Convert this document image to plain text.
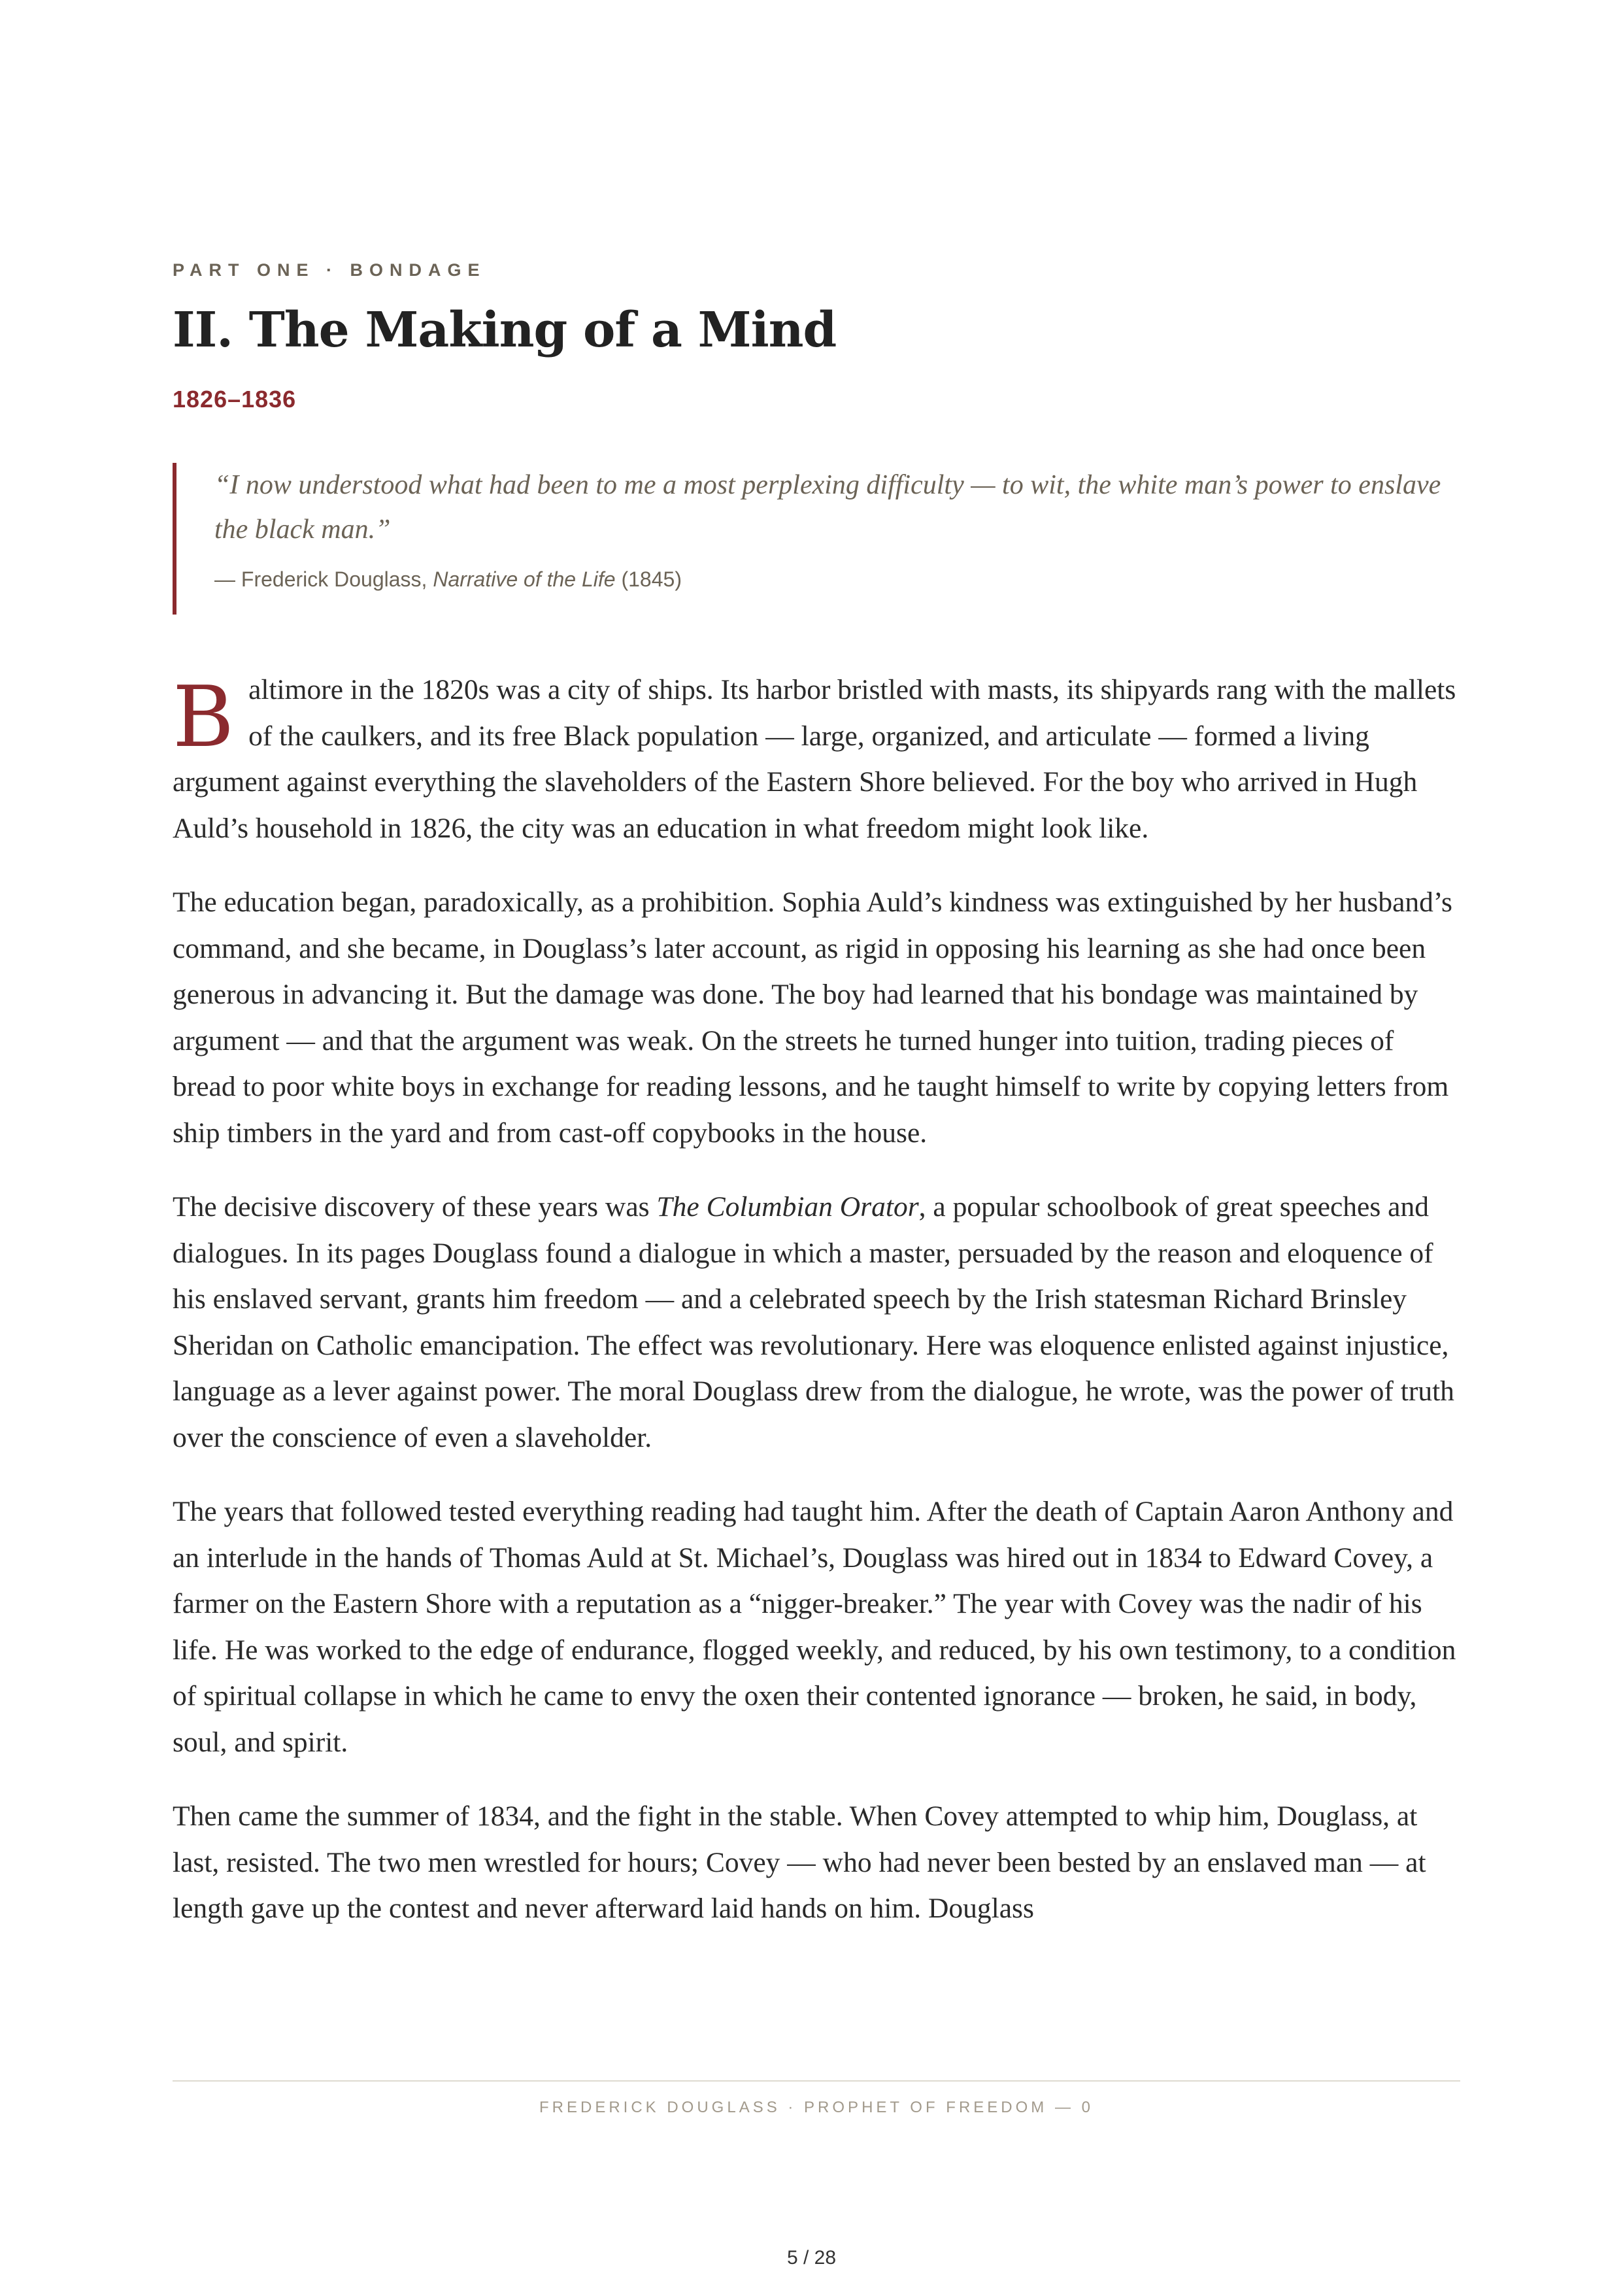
PART ONE · BONDAGE
II. The Making of a Mind
1826–1836

“I now understood what had been to me a most perplexing difficulty — to wit, the white man’s power to enslave the black man.”

— Frederick Douglass, Narrative of the Life (1845)

Baltimore in the 1820s was a city of ships. Its harbor bristled with masts, its shipyards rang with the mallets of the caulkers, and its free Black population — large, organized, and articulate — formed a living argument against everything the slaveholders of the Eastern Shore believed. For the boy who arrived in Hugh Auld’s household in 1826, the city was an education in what freedom might look like.

The education began, paradoxically, as a prohibition. Sophia Auld’s kindness was extinguished by her husband’s command, and she became, in Douglass’s later account, as rigid in opposing his learning as she had once been generous in advancing it. But the damage was done. The boy had learned that his bondage was maintained by argument — and that the argument was weak. On the streets he turned hunger into tuition, trading pieces of bread to poor white boys in exchange for reading lessons, and he taught himself to write by copying letters from ship timbers in the yard and from cast-off copybooks in the house.

The decisive discovery of these years was The Columbian Orator, a popular schoolbook of great speeches and dialogues. In its pages Douglass found a dialogue in which a master, persuaded by the reason and eloquence of his enslaved servant, grants him freedom — and a celebrated speech by the Irish statesman Richard Brinsley Sheridan on Catholic emancipation. The effect was revolutionary. Here was eloquence enlisted against injustice, language as a lever against power. The moral Douglass drew from the dialogue, he wrote, was the power of truth over the conscience of even a slaveholder.

The years that followed tested everything reading had taught him. After the death of Captain Aaron Anthony and an interlude in the hands of Thomas Auld at St. Michael’s, Douglass was hired out in 1834 to Edward Covey, a farmer on the Eastern Shore with a reputation as a “nigger-breaker.” The year with Covey was the nadir of his life. He was worked to the edge of endurance, flogged weekly, and reduced, by his own testimony, to a condition of spiritual collapse in which he came to envy the oxen their contented ignorance — broken, he said, in body, soul, and spirit.

Then came the summer of 1834, and the fight in the stable. When Covey attempted to whip him, Douglass, at last, resisted. The two men wrestled for hours; Covey — who had never been bested by an enslaved man — at length gave up the contest and never afterward laid hands on him. Douglass

FREDERICK DOUGLASS · PROPHET OF FREEDOM — 0
5 / 28
